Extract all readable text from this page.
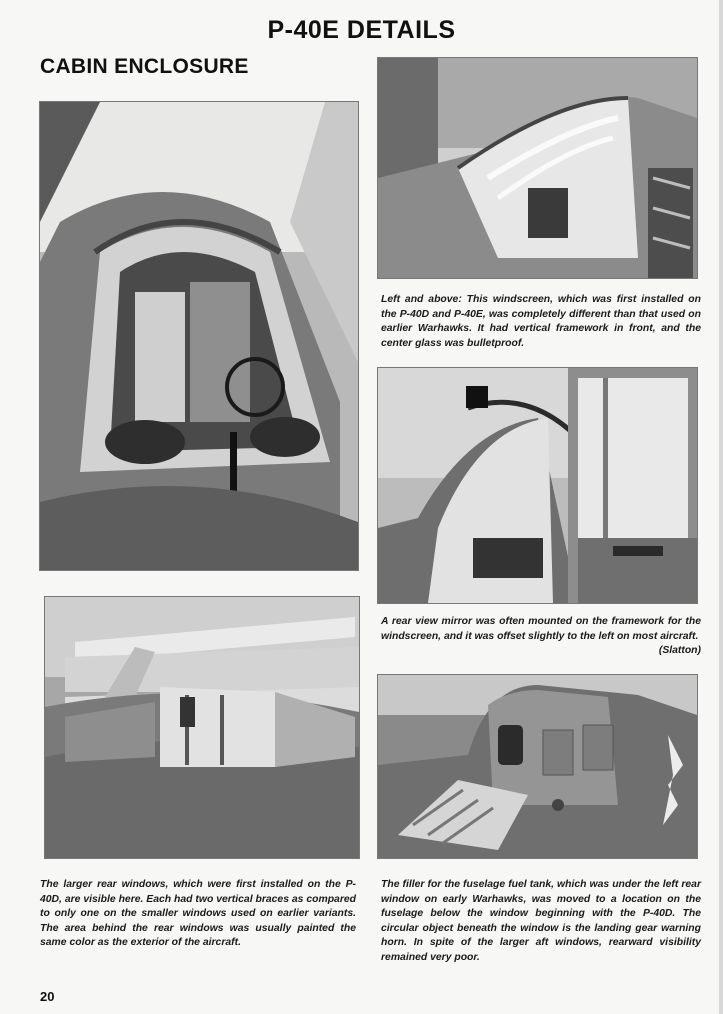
P-40E DETAILS
CABIN ENCLOSURE
Left and above: This windscreen, which was first installed on the P-40D and P-40E, was completely different than that used on earlier Warhawks. It had vertical framework in front, and the center glass was bulletproof.
A rear view mirror was often mounted on the framework for the windscreen, and it was offset slightly to the left on most aircraft.
(Slatton)
The larger rear windows, which were first installed on the P-40D, are visible here. Each had two vertical braces as compared to only one on the smaller windows used on earlier variants. The area behind the rear windows was usually painted the same color as the exterior of the aircraft.
The filler for the fuselage fuel tank, which was under the left rear window on early Warhawks, was moved to a location on the fuselage below the window beginning with the P-40D. The circular object beneath the window is the landing gear warning horn. In spite of the larger aft windows, rearward visibility remained very poor.
20
